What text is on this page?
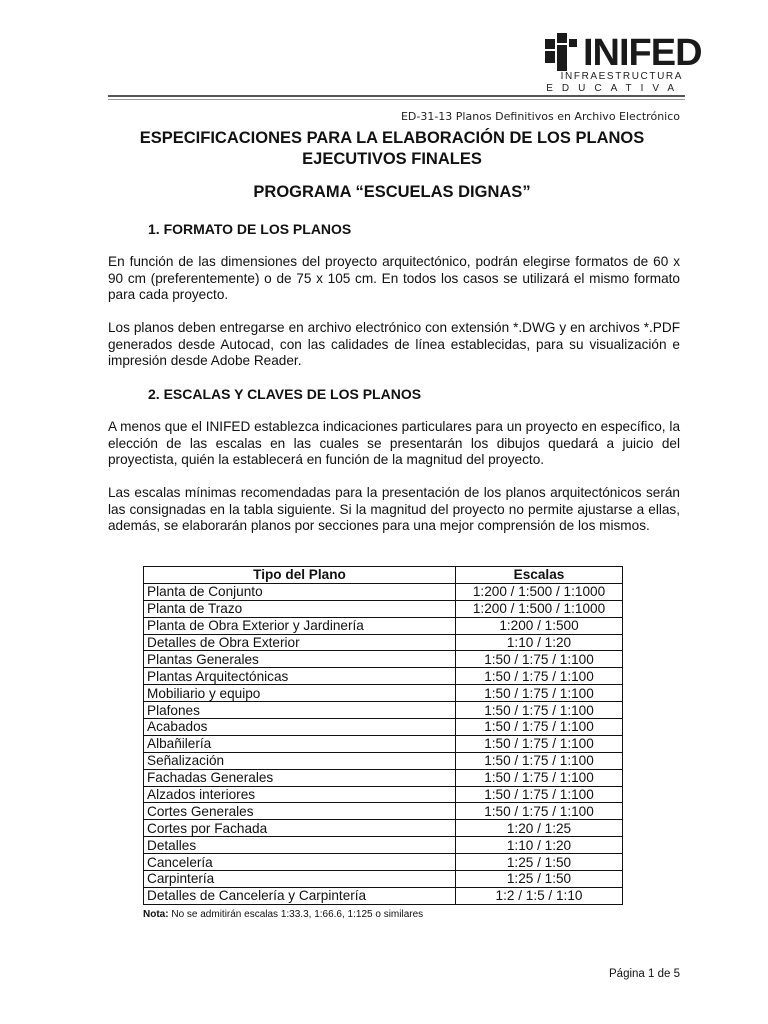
INIFED
INFRAESTRUCTURA
EDUCATIVA
ED-31-13 Planos Definitivos en Archivo Electrónico
ESPECIFICACIONES PARA LA ELABORACIÓN DE LOS PLANOS
EJECUTIVOS FINALES
PROGRAMA “ESCUELAS DIGNAS”
1. FORMATO DE LOS PLANOS
En función de las dimensiones del proyecto arquitectónico, podrán elegirse formatos de 60 x 90 cm (preferentemente) o de 75 x 105 cm. En todos los casos se utilizará el mismo formato para cada proyecto.
Los planos deben entregarse en archivo electrónico con extensión *.DWG y en archivos *.PDF generados desde Autocad, con las calidades de línea establecidas, para su visualización e impresión desde Adobe Reader.
2. ESCALAS Y CLAVES DE LOS PLANOS
A menos que el INIFED establezca indicaciones particulares para un proyecto en específico, la elección de las escalas en las cuales se presentarán los dibujos quedará a juicio del proyectista, quién la establecerá en función de la magnitud del proyecto.
Las escalas mínimas recomendadas para la presentación de los planos arquitectónicos serán las consignadas en la tabla siguiente. Si la magnitud del proyecto no permite ajustarse a ellas, además, se elaborarán planos por secciones para una mejor comprensión de los mismos.
Tipo del Plano	Escalas
Planta de Conjunto	1:200 / 1:500 / 1:1000
Planta de Trazo	1:200 / 1:500 / 1:1000
Planta de Obra Exterior y Jardinería	1:200 / 1:500
Detalles de Obra Exterior	1:10 / 1:20
Plantas Generales	1:50 / 1:75 / 1:100
Plantas Arquitectónicas	1:50 / 1:75 / 1:100
Mobiliario y equipo	1:50 / 1:75 / 1:100
Plafones	1:50 / 1:75 / 1:100
Acabados	1:50 / 1:75 / 1:100
Albañilería	1:50 / 1:75 / 1:100
Señalización	1:50 / 1:75 / 1:100
Fachadas Generales	1:50 / 1:75 / 1:100
Alzados interiores	1:50 / 1:75 / 1:100
Cortes Generales	1:50 / 1:75 / 1:100
Cortes por Fachada	1:20 / 1:25
Detalles	1:10 / 1:20
Cancelería	1:25 / 1:50
Carpintería	1:25 / 1:50
Detalles de Cancelería y Carpintería	1:2 / 1:5 / 1:10
Nota: No se admitirán escalas 1:33.3, 1:66.6, 1:125 o similares
Página 1 de 5
